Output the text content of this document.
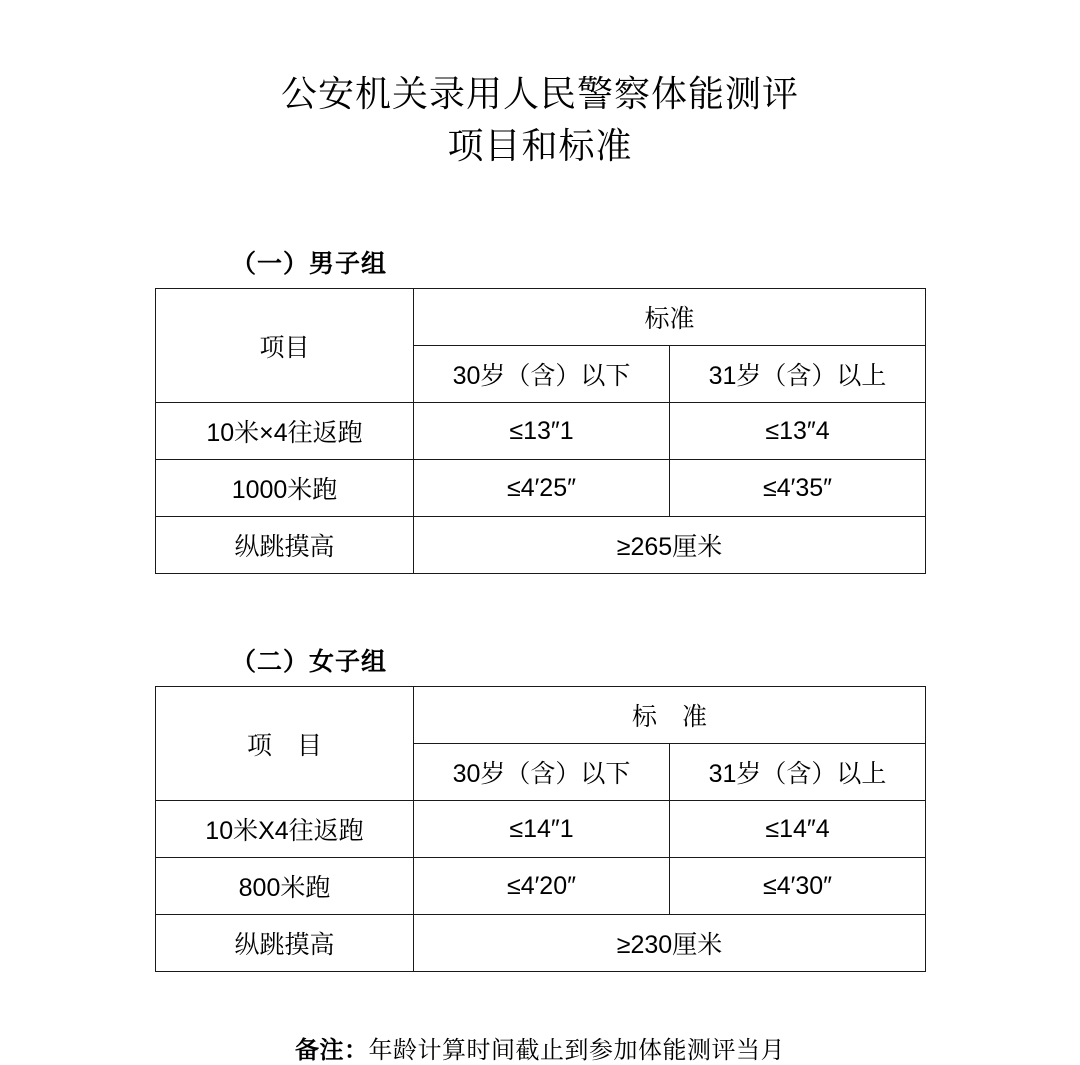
公安机关录用人民警察体能测评
项目和标准
（一）男子组
项目	标准	
	30岁（含）以下	31岁（含）以上
10米×4往返跑	≤13″1	≤13″4
1000米跑	≤4′25″	≤4′35″
纵跳摸高	≥265厘米	
（二）女子组
项　目	标　准	
	30岁（含）以下	31岁（含）以上
10米X4往返跑	≤14″1	≤14″4
800米跑	≤4′20″	≤4′30″
纵跳摸高	≥230厘米	
备注：年龄计算时间截止到参加体能测评当月
